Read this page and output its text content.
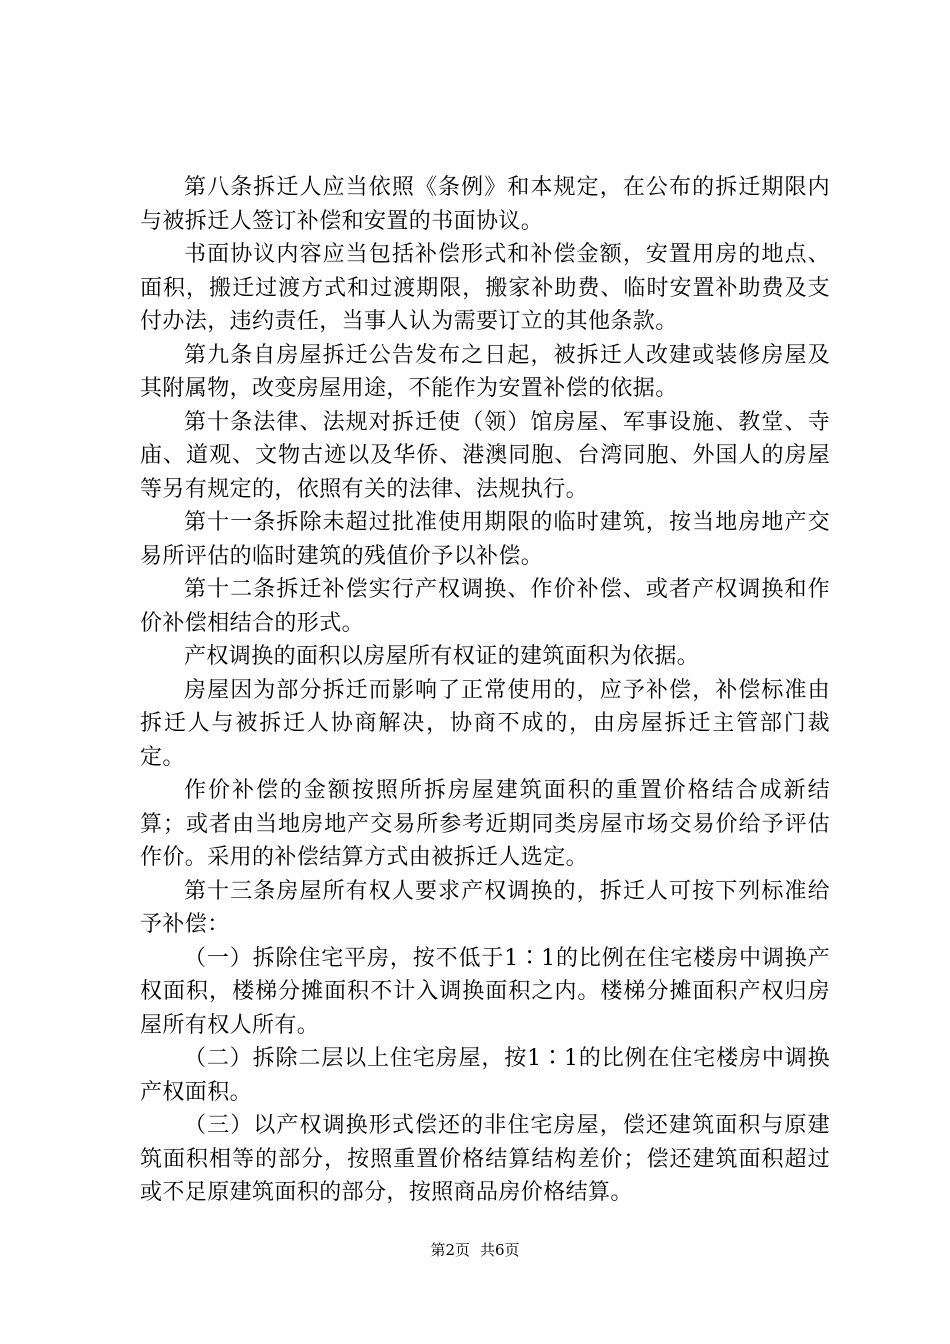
第八条拆迁人应当依照《条例》和本规定，在公布的拆迁期限内与被拆迁人签订补偿和安置的书面协议。

书面协议内容应当包括补偿形式和补偿金额，安置用房的地点、面积，搬迁过渡方式和过渡期限，搬家补助费、临时安置补助费及支付办法，违约责任，当事人认为需要订立的其他条款。

第九条自房屋拆迁公告发布之日起，被拆迁人改建或装修房屋及其附属物，改变房屋用途，不能作为安置补偿的依据。

第十条法律、法规对拆迁使（领）馆房屋、军事设施、教堂、寺庙、道观、文物古迹以及华侨、港澳同胞、台湾同胞、外国人的房屋等另有规定的，依照有关的法律、法规执行。

第十一条拆除未超过批准使用期限的临时建筑，按当地房地产交易所评估的临时建筑的残值价予以补偿。

第十二条拆迁补偿实行产权调换、作价补偿、或者产权调换和作价补偿相结合的形式。

产权调换的面积以房屋所有权证的建筑面积为依据。

房屋因为部分拆迁而影响了正常使用的，应予补偿，补偿标准由拆迁人与被拆迁人协商解决，协商不成的，由房屋拆迁主管部门裁定。

作价补偿的金额按照所拆房屋建筑面积的重置价格结合成新结算；或者由当地房地产交易所参考近期同类房屋市场交易价给予评估作价。采用的补偿结算方式由被拆迁人选定。

第十三条房屋所有权人要求产权调换的，拆迁人可按下列标准给予补偿：

（一）拆除住宅平房，按不低于1∶1的比例在住宅楼房中调换产权面积，楼梯分摊面积不计入调换面积之内。楼梯分摊面积产权归房屋所有权人所有。

（二）拆除二层以上住宅房屋，按1∶1的比例在住宅楼房中调换产权面积。

（三）以产权调换形式偿还的非住宅房屋，偿还建筑面积与原建筑面积相等的部分，按照重置价格结算结构差价；偿还建筑面积超过或不足原建筑面积的部分，按照商品房价格结算。

第2页 共6页
